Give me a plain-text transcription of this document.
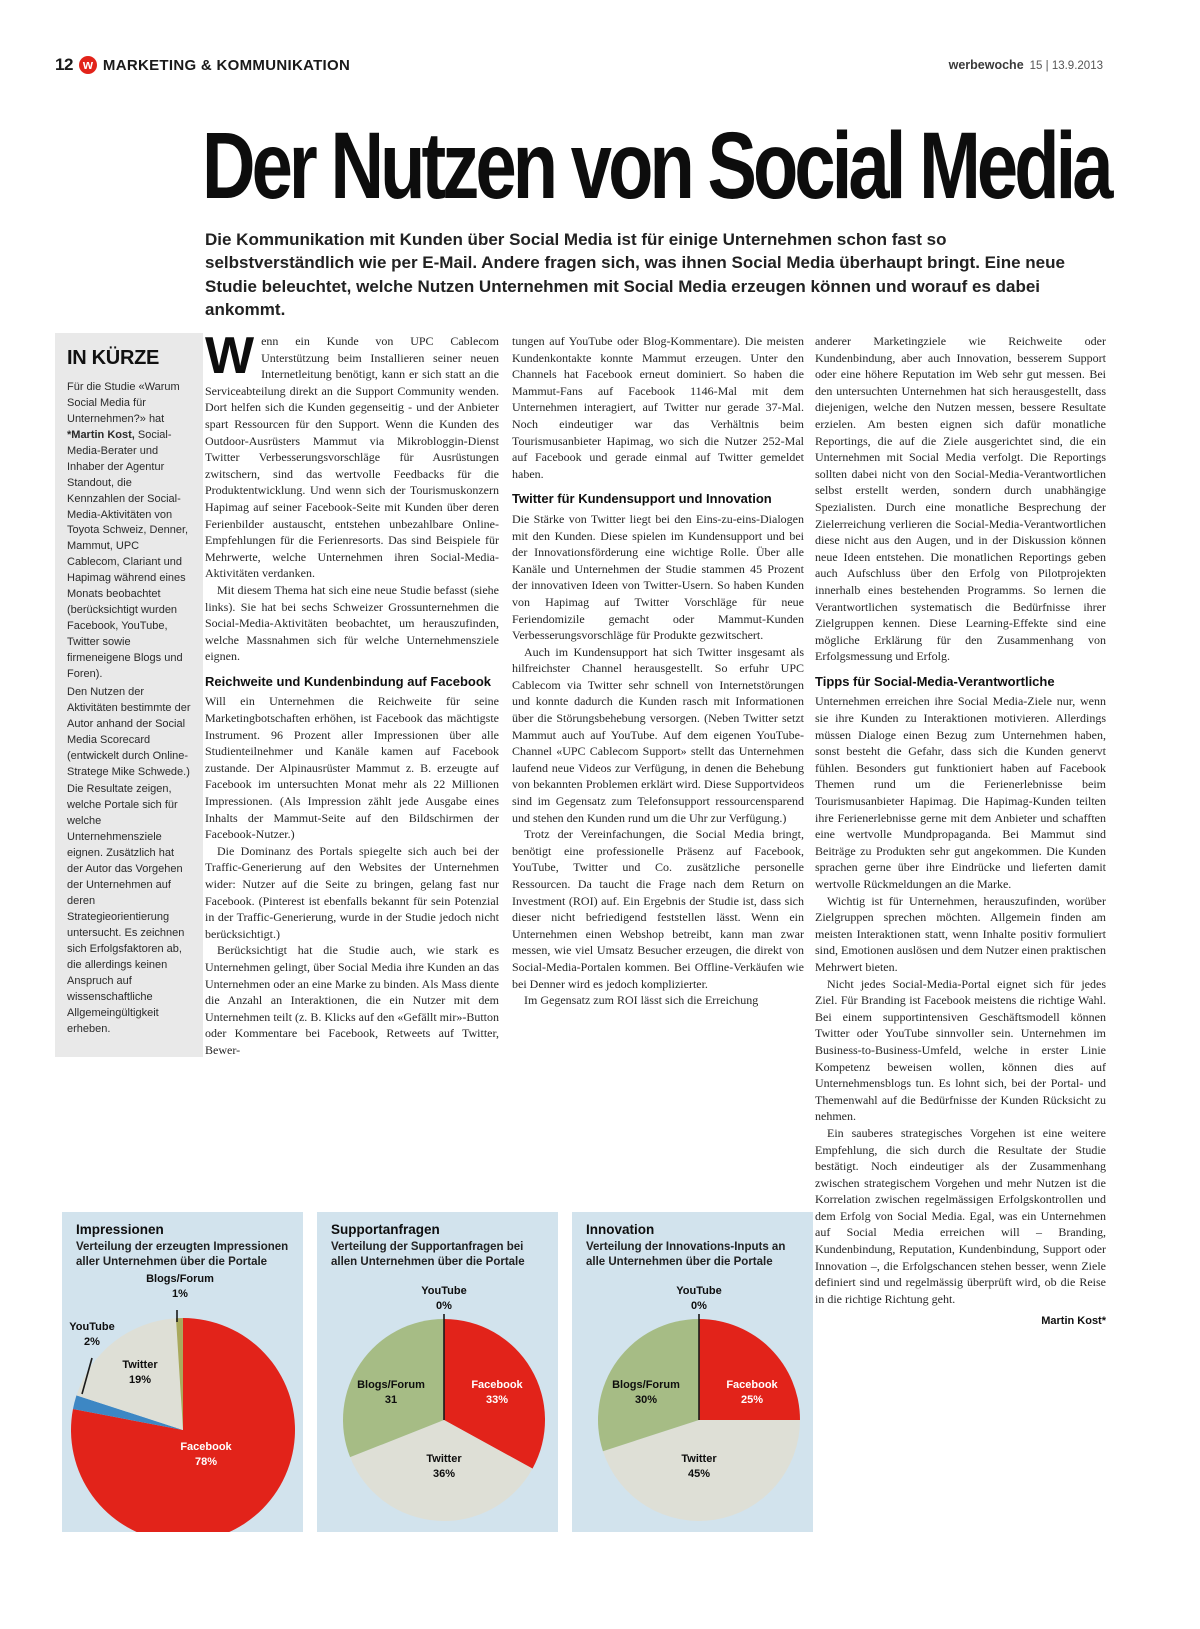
12 w MARKETING & KOMMUNIKATION	werbewoche 15 | 13.9.2013
Der Nutzen von Social Media
Die Kommunikation mit Kunden über Social Media ist für einige Unternehmen schon fast so selbstverständlich wie per E-Mail. Andere fragen sich, was ihnen Social Media überhaupt bringt. Eine neue Studie beleuchtet, welche Nutzen Unternehmen mit Social Media erzeugen können und worauf es dabei ankommt.
IN KÜRZE

Für die Studie «Warum Social Media für Unternehmen?» hat *Martin Kost, Social-Media-Berater und Inhaber der Agentur Standout, die Kennzahlen der Social-Media-Aktivitäten von Toyota Schweiz, Denner, Mammut, UPC Cablecom, Clariant und Hapimag während eines Monats beobachtet (berücksichtigt wurden Facebook, YouTube, Twitter sowie firmeneigene Blogs und Foren).

Den Nutzen der Aktivitäten bestimmte der Autor anhand der Social Media Scorecard (entwickelt durch Online-Stratege Mike Schwede.)

Die Resultate zeigen, welche Portale sich für welche Unternehmensziele eignen. Zusätzlich hat der Autor das Vorgehen der Unternehmen auf deren Strategieorientierung untersucht. Es zeichnen sich Erfolgsfaktoren ab, die allerdings keinen Anspruch auf wissenschaftliche Allgemeingültigkeit erheben.

Wenn ein Kunde von UPC Cablecom Unterstützung beim Installieren seiner neuen Internetleitung benötigt, kann er sich statt an die Serviceabteilung direkt an die Support Community wenden. Dort helfen sich die Kunden gegenseitig - und der Anbieter spart Ressourcen für den Support. Wenn die Kunden des Outdoor-Ausrüsters Mammut via Mikrobloggin-Dienst Twitter Verbesserungsvorschläge für Ausrüstungen zwitschern, sind das wertvolle Feedbacks für die Produktentwicklung. Und wenn sich der Tourismuskonzern Hapimag auf seiner Facebook-Seite mit Kunden über deren Ferienbilder austauscht, entstehen unbezahlbare Online-Empfehlungen für die Ferienresorts. Das sind Beispiele für Mehrwerte, welche Unternehmen ihren Social-Media-Aktivitäten verdanken.

Mit diesem Thema hat sich eine neue Studie befasst (siehe links). Sie hat bei sechs Schweizer Grossunternehmen die Social-Media-Aktivitäten beobachtet, um herauszufinden, welche Massnahmen sich für welche Unternehmensziele eignen.

Reichweite und Kundenbindung auf Facebook

Will ein Unternehmen die Reichweite für seine Marketingbotschaften erhöhen, ist Facebook das mächtigste Instrument. 96 Prozent aller Impressionen über alle Studienteilnehmer und Kanäle kamen auf Facebook zustande. Der Alpinausrüster Mammut z. B. erzeugte auf Facebook im untersuchten Monat mehr als 22 Millionen Impressionen. (Als Impression zählt jede Ausgabe eines Inhalts der Mammut-Seite auf den Bildschirmen der Facebook-Nutzer.)

Die Dominanz des Portals spiegelte sich auch bei der Traffic-Generierung auf den Websites der Unternehmen wider: Nutzer auf die Seite zu bringen, gelang fast nur Facebook. (Pinterest ist ebenfalls bekannt für sein Potenzial in der Traffic-Generierung, wurde in der Studie jedoch nicht berücksichtigt.)

Berücksichtigt hat die Studie auch, wie stark es Unternehmen gelingt, über Social Media ihre Kunden an das Unternehmen oder an eine Marke zu binden. Als Mass diente die Anzahl an Interaktionen, die ein Nutzer mit dem Unternehmen teilt (z. B. Klicks auf den «Gefällt mir»-Button oder Kommentare bei Facebook, Retweets auf Twitter, Bewer-

tungen auf YouTube oder Blog-Kommentare). Die meisten Kundenkontakte konnte Mammut erzeugen. Unter den Channels hat Facebook erneut dominiert. So haben die Mammut-Fans auf Facebook 1146-Mal mit dem Unternehmen interagiert, auf Twitter nur gerade 37-Mal. Noch eindeutiger war das Verhältnis beim Tourismusanbieter Hapimag, wo sich die Nutzer 252-Mal auf Facebook und gerade einmal auf Twitter gemeldet haben.

Twitter für Kundensupport und Innovation

Die Stärke von Twitter liegt bei den Eins-zu-eins-Dialogen mit den Kunden. Diese spielen im Kundensupport und bei der Innovationsförderung eine wichtige Rolle. Über alle Kanäle und Unternehmen der Studie stammen 45 Prozent der innovativen Ideen von Twitter-Usern. So haben Kunden von Hapimag auf Twitter Vorschläge für neue Feriendomizile gemacht oder Mammut-Kunden Verbesserungsvorschläge für Produkte gezwitschert.

Auch im Kundensupport hat sich Twitter insgesamt als hilfreichster Channel herausgestellt. So erfuhr UPC Cablecom via Twitter sehr schnell von Internetstörungen und konnte dadurch die Kunden rasch mit Informationen über die Störungsbehebung versorgen. (Neben Twitter setzt Mammut auch auf YouTube. Auf dem eigenen YouTube-Channel «UPC Cablecom Support» stellt das Unternehmen laufend neue Videos zur Verfügung, in denen die Behebung von bekannten Problemen erklärt wird. Diese Supportvideos sind im Gegensatz zum Telefonsupport ressourcensparend und stehen den Kunden rund um die Uhr zur Verfügung.)

Trotz der Vereinfachungen, die Social Media bringt, benötigt eine professionelle Präsenz auf Facebook, YouTube, Twitter und Co. zusätzliche personelle Ressourcen. Da taucht die Frage nach dem Return on Investment (ROI) auf. Ein Ergebnis der Studie ist, dass sich dieser nicht befriedigend feststellen lässt. Wenn ein Unternehmen einen Webshop betreibt, kann man zwar messen, wie viel Umsatz Besucher erzeugen, die direkt von Social-Media-Portalen kommen. Bei Offline-Verkäufen wie bei Denner wird es jedoch komplizierter.

Im Gegensatz zum ROI lässt sich die Erreichung

anderer Marketingziele wie Reichweite oder Kundenbindung, aber auch Innovation, besserem Support oder eine höhere Reputation im Web sehr gut messen. Bei den untersuchten Unternehmen hat sich herausgestellt, dass diejenigen, welche den Nutzen messen, bessere Resultate erzielen. Am besten eignen sich dafür monatliche Reportings, die auf die Ziele ausgerichtet sind, die ein Unternehmen mit Social Media verfolgt. Die Reportings sollten dabei nicht von den Social-Media-Verantwortlichen selbst erstellt werden, sondern durch unabhängige Spezialisten. Durch eine monatliche Besprechung der Zielerreichung verlieren die Social-Media-Verantwortlichen diese nicht aus den Augen, und in der Diskussion können neue Ideen entstehen. Die monatlichen Reportings geben auch Aufschluss über den Erfolg von Pilotprojekten innerhalb eines bestehenden Programms. So lernen die Verantwortlichen systematisch die Bedürfnisse ihrer Zielgruppen kennen. Diese Learning-Effekte sind eine mögliche Erklärung für den Zusammenhang von Erfolgsmessung und Erfolg.

Tipps für Social-Media-Verantwortliche

Unternehmen erreichen ihre Social Media-Ziele nur, wenn sie ihre Kunden zu Interaktionen motivieren. Allerdings müssen Dialoge einen Bezug zum Unternehmen haben, sonst besteht die Gefahr, dass sich die Kunden genervt fühlen. Besonders gut funktioniert haben auf Facebook Themen rund um die Ferienerlebnisse beim Tourismusanbieter Hapimag. Die Hapimag-Kunden teilten ihre Ferienerlebnisse gerne mit dem Anbieter und schafften eine wertvolle Mundpropaganda. Bei Mammut sind Beiträge zu Produkten sehr gut angekommen. Die Kunden sprachen gerne über ihre Eindrücke und lieferten damit wertvolle Rückmeldungen an die Marke.

Wichtig ist für Unternehmen, herauszufinden, worüber Zielgruppen sprechen möchten. Allgemein finden am meisten Interaktionen statt, wenn Inhalte positiv formuliert sind, Emotionen auslösen und dem Nutzer einen praktischen Mehrwert bieten.

Nicht jedes Social-Media-Portal eignet sich für jedes Ziel. Für Branding ist Facebook meistens die richtige Wahl. Bei einem supportintensiven Geschäftsmodell können Twitter oder YouTube sinnvoller sein. Unternehmen im Business-to-Business-Umfeld, welche in erster Linie Kompetenz beweisen wollen, können dies auf Unternehmensblogs tun. Es lohnt sich, bei der Portal- und Themenwahl auf die Bedürfnisse der Kunden Rücksicht zu nehmen.

Ein sauberes strategisches Vorgehen ist eine weitere Empfehlung, die sich durch die Resultate der Studie bestätigt. Noch eindeutiger als der Zusammenhang zwischen strategischem Vorgehen und mehr Nutzen ist die Korrelation zwischen regelmässigen Erfolgskontrollen und dem Erfolg von Social Media. Egal, was ein Unternehmen auf Social Media erreichen will – Branding, Kundenbindung, Reputation, Kundenbindung, Support oder Innovation –, die Erfolgschancen stehen besser, wenn Ziele definiert sind und regelmässig überprüft wird, ob die Reise in die richtige Richtung geht.

Martin Kost*
Impressionen
Verteilung der erzeugten Impressionen aller Unternehmen über die Portale
Blogs/Forum
1%
YouTube
2%
Twitter
19%
Facebook
78%
Supportanfragen
Verteilung der Supportanfragen bei allen Unternehmen über die Portale
YouTube
0%
Blogs/Forum
31
Facebook
33%
Twitter
36%
Innovation
Verteilung der Innovations-Inputs an alle Unternehmen über die Portale
YouTube
0%
Blogs/Forum
30%
Facebook
25%
Twitter
45%
